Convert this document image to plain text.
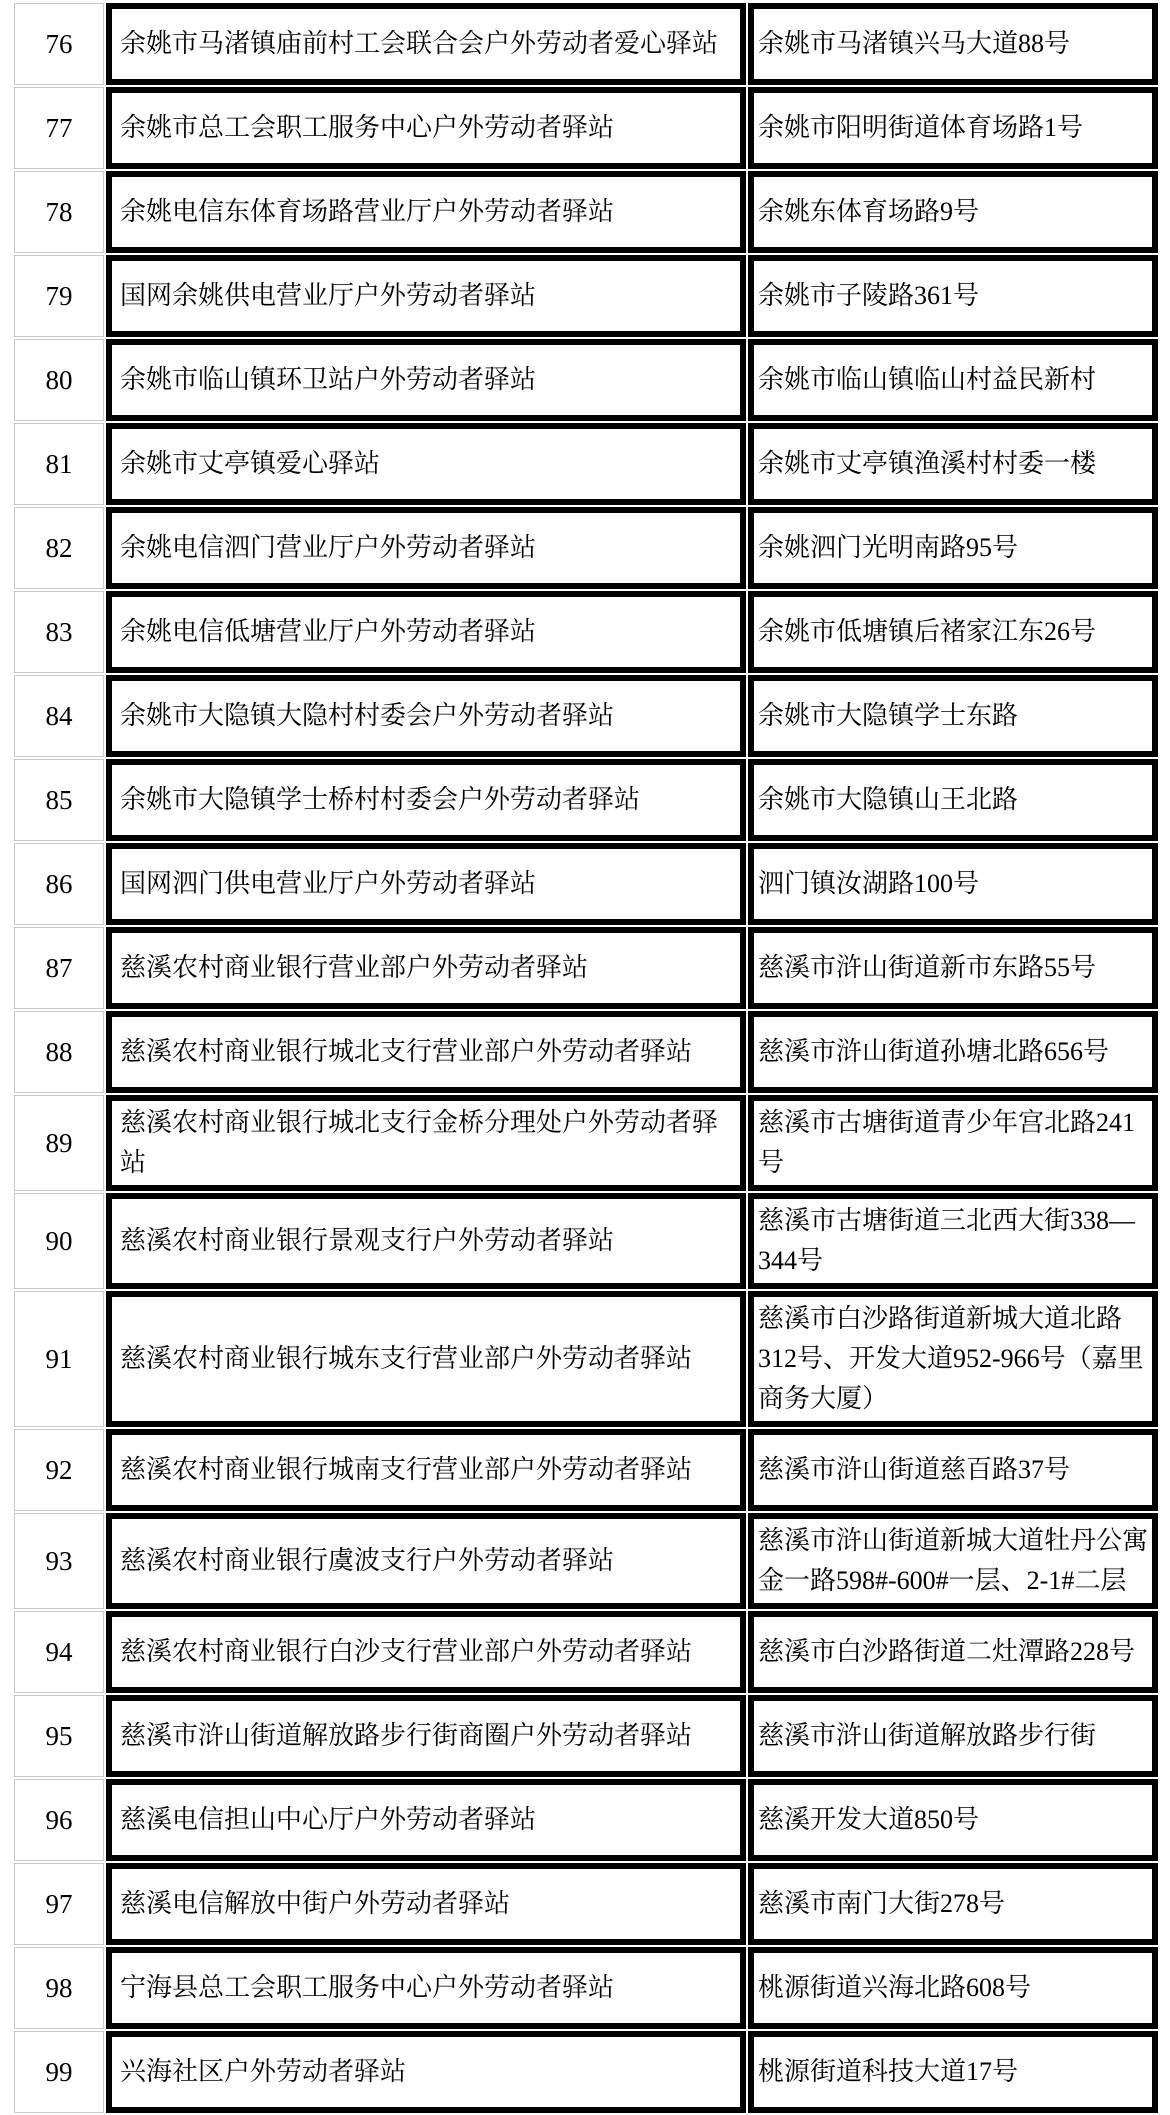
76	余姚市马渚镇庙前村工会联合会户外劳动者爱心驿站	余姚市马渚镇兴马大道88号
77	余姚市总工会职工服务中心户外劳动者驿站	余姚市阳明街道体育场路1号
78	余姚电信东体育场路营业厅户外劳动者驿站	余姚东体育场路9号
79	国网余姚供电营业厅户外劳动者驿站	余姚市子陵路361号
80	余姚市临山镇环卫站户外劳动者驿站	余姚市临山镇临山村益民新村
81	余姚市丈亭镇爱心驿站	余姚市丈亭镇渔溪村村委一楼
82	余姚电信泗门营业厅户外劳动者驿站	余姚泗门光明南路95号
83	余姚电信低塘营业厅户外劳动者驿站	余姚市低塘镇后褚家江东26号
84	余姚市大隐镇大隐村村委会户外劳动者驿站	余姚市大隐镇学士东路
85	余姚市大隐镇学士桥村村委会户外劳动者驿站	余姚市大隐镇山王北路
86	国网泗门供电营业厅户外劳动者驿站	泗门镇汝湖路100号
87	慈溪农村商业银行营业部户外劳动者驿站	慈溪市浒山街道新市东路55号
88	慈溪农村商业银行城北支行营业部户外劳动者驿站	慈溪市浒山街道孙塘北路656号
89	慈溪农村商业银行城北支行金桥分理处户外劳动者驿站	慈溪市古塘街道青少年宫北路241号
90	慈溪农村商业银行景观支行户外劳动者驿站	慈溪市古塘街道三北西大街338—344号
91	慈溪农村商业银行城东支行营业部户外劳动者驿站	慈溪市白沙路街道新城大道北路312号、开发大道952-966号（嘉里商务大厦）
92	慈溪农村商业银行城南支行营业部户外劳动者驿站	慈溪市浒山街道慈百路37号
93	慈溪农村商业银行虞波支行户外劳动者驿站	慈溪市浒山街道新城大道牡丹公寓金一路598#-600#一层、2-1#二层
94	慈溪农村商业银行白沙支行营业部户外劳动者驿站	慈溪市白沙路街道二灶潭路228号
95	慈溪市浒山街道解放路步行街商圈户外劳动者驿站	慈溪市浒山街道解放路步行街
96	慈溪电信担山中心厅户外劳动者驿站	慈溪开发大道850号
97	慈溪电信解放中街户外劳动者驿站	慈溪市南门大街278号
98	宁海县总工会职工服务中心户外劳动者驿站	桃源街道兴海北路608号
99	兴海社区户外劳动者驿站	桃源街道科技大道17号
